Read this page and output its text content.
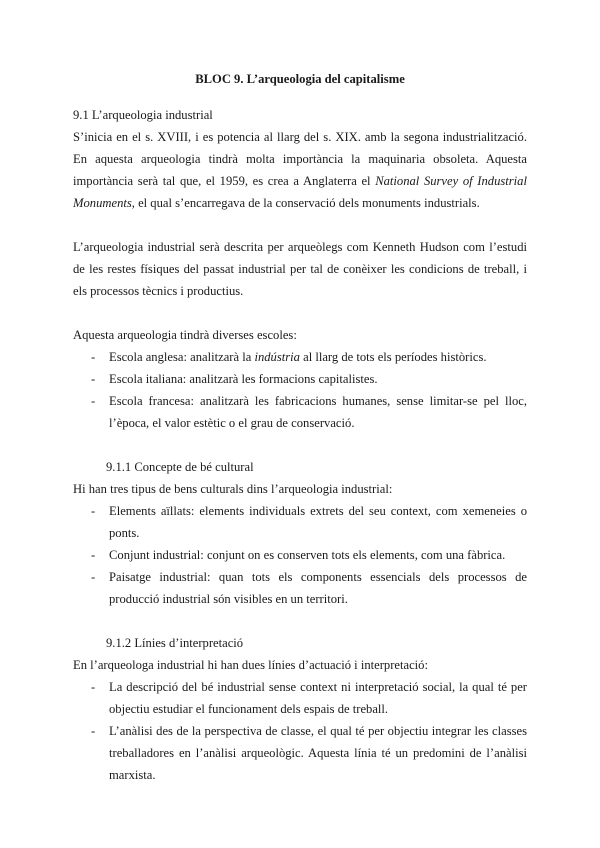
BLOC 9. L’arqueologia del capitalisme
9.1 L’arqueologia industrial

S’inicia en el s. XVIII, i es potencia al llarg del s. XIX. amb la segona industrialització. En aquesta arqueologia tindrà molta importància la maquinaria obsoleta. Aquesta importància serà tal que, el 1959, es crea a Anglaterra el National Survey of Industrial Monuments, el qual s’encarregava de la conservació dels monuments industrials.

L’arqueologia industrial serà descrita per arqueòlegs com Kenneth Hudson com l’estudi de les restes físiques del passat industrial per tal de conèixer les condicions de treball, i els processos tècnics i productius.

Aquesta arqueologia tindrà diverses escoles:

- Escola anglesa: analitzarà la indústria al llarg de tots els períodes històrics.
- Escola italiana: analitzarà les formacions capitalistes.
- Escola francesa: analitzarà les fabricacions humanes, sense limitar-se pel lloc, l’època, el valor estètic o el grau de conservació.
9.1.1 Concepte de bé cultural

Hi han tres tipus de bens culturals dins l’arqueologia industrial:

- Elements aïllats: elements individuals extrets del seu context, com xemeneies o ponts.
- Conjunt industrial: conjunt on es conserven tots els elements, com una fàbrica.
- Paisatge industrial: quan tots els components essencials dels processos de producció industrial són visibles en un territori.
9.1.2 Línies d’interpretació

En l’arqueologa industrial hi han dues línies d’actuació i interpretació:

- La descripció del bé industrial sense context ni interpretació social, la qual té per objectiu estudiar el funcionament dels espais de treball.
- L’anàlisi des de la perspectiva de classe, el qual té per objectiu integrar les classes treballadores en l’anàlisi arqueològic. Aquesta línia té un predomini de l’anàlisi marxista.
